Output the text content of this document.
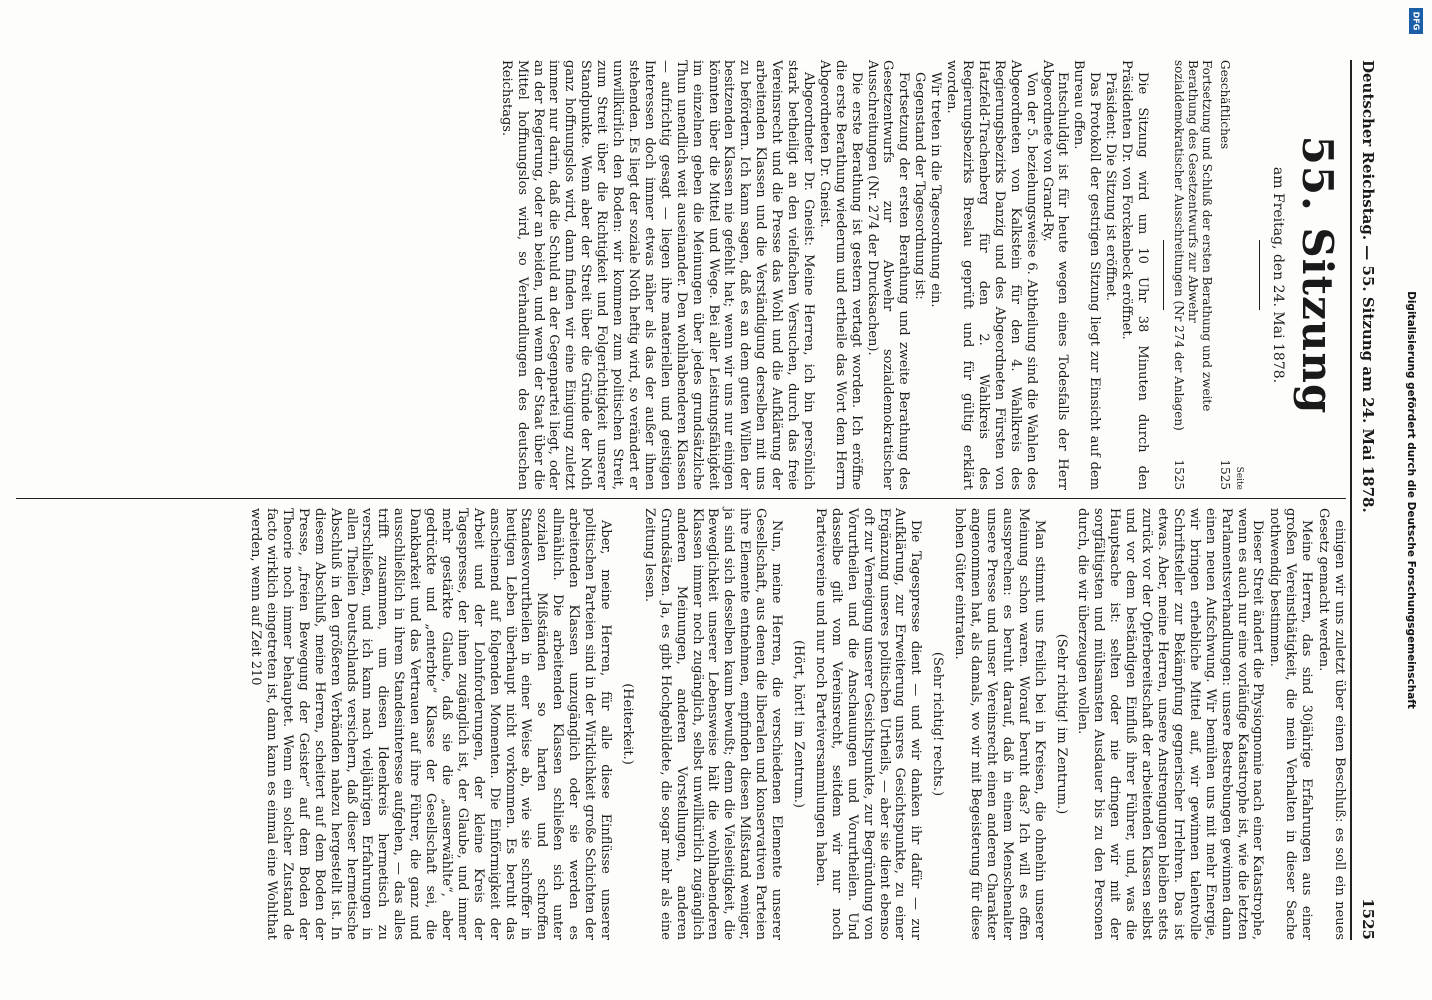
Deutscher Reichstag. — 55. Sitzung am 24. Mai 1878.
1525
55. Sitzung
am Freitag, den 24. Mai 1878.
Seite
Geschäftliches
1525
Fortsetzung und Schluß der ersten Berathung und zweite Berathung des Gesetzentwurfs zur Abwehr sozialdemokratischer Ausschreitungen (Nr 274 der Anlagen)
1525

Die Sitzung wird um 10 Uhr 38 Minuten durch den Präsidenten Dr. von Forckenbeck eröffnet.

Präsident: Die Sitzung ist eröffnet.

Das Protokoll der gestrigen Sitzung liegt zur Einsicht auf dem Bureau offen.

Entschuldigt ist für heute wegen eines Todesfalls der Herr Abgeordnete von Grand-Ry.

Von der 5. beziehungsweise 6. Abtheilung sind die Wahlen des Abgeordneten von Kalkstein für den 4. Wahlkreis des Regierungsbezirks Danzig und des Abgeordneten Fürsten von Hatzfeld-Trachenberg für den 2. Wahlkreis des Regierungsbezirks Breslau geprüft und für gültig erklärt worden.

Wir treten in die Tagesordnung ein.

Gegenstand der Tagesordnung ist:

Fortsetzung der ersten Berathung und zweite Berathung des Gesetzentwurfs zur Abwehr sozialdemokratischer Ausschreitungen (Nr. 274 der Drucksachen).

Die erste Berathung ist gestern vertagt worden. Ich eröffne die erste Berathung wiederum und ertheile das Wort dem Herrn Abgeordneten Dr. Gneist.

Abgeordneter Dr. Gneist: Meine Herren, ich bin persönlich stark betheiligt an den vielfachen Versuchen, durch das freie Vereinsrecht und die Presse das Wohl und die Aufklärung der arbeitenden Klassen und die Verständigung derselben mit uns zu befördern. Ich kann sagen, daß es an dem guten Willen der besitzenden Klassen nie gefehlt hat; wenn wir uns nur einigen könnten über die Mittel und Wege. Bei aller Leistungsfähigkeit im einzelnen geben die Meinungen über jedes grundsätzliche Thun unendlich weit auseinander. Den wohlhabenderen Klassen — aufrichtig gesagt — liegen ihre materiellen und geistigen Interessen doch immer etwas näher als das der außer ihnen stehenden. Es liegt der soziale Noth heftig wird, so verändert er unwillkürlich den Boden: wir kommen zum politischen Streit, zum Streit über die Richtigkeit und Folgerichtigkeit unserer Standpunkte. Wenn aber der Streit über die Gründe der Noth ganz hoffnungslos wird, dann finden wir eine Einigung zuletzt immer nur darin, daß die Schuld an der Gegenpartei liegt, oder an der Regierung, oder an beiden, und wenn der Staat über die Mittel hoffnungslos wird, so Verhandlungen des deutschen Reichstags.

einigen wir uns zuletzt über einen Beschluß: es soll ein neues Gesetz gemacht werden.

Meine Herren, das sind 30jährige Erfahrungen aus einer großen Vereinsthätigkeit, die mein Verhalten in dieser Sache nothwendig bestimmen.

Dieser Streit ändert die Physiognomie nach einer Katastrophe, wenn es auch nur eine vorläufige Katastrophe ist, wie die letzten Parlamentsverhandlungen: unsere Bestrebungen gewinnen dann einen neuen Aufschwung. Wir bemühen uns mit mehr Energie, wir bringen erhebliche Mittel auf, wir gewinnen talentvolle Schriftsteller zur Bekämpfung gegnerischer Irrlehren. Das ist etwas. Aber, meine Herren, unsere Anstrengungen bleiben stets zurück vor der Opferbereitschaft der arbeitenden Klassen selbst und vor dem beständigen Einfluß ihrer Führer, und, was die Hauptsache ist: selten oder nie dringen wir mit der sorgfältigsten und mühsamsten Ausdauer bis zu den Personen durch, die wir überzeugen wollen.

(Sehr richtig! im Zentrum.)

Man stimmt uns freilich bei in Kreisen, die ohnehin unserer Meinung schon waren. Worauf beruht das? Ich will es offen aussprechen: es beruht darauf, daß in einem Menschenalter unsere Presse und unser Vereinsrecht einen anderen Charakter angenommen hat, als damals, wo wir mit Begeisterung für diese hohen Güter eintraten.

(Sehr richtig! rechts.)

Die Tagespresse dient — und wir danken ihr dafür — zur Aufklärung, zur Erweiterung unsres Gesichtspunkte, zu einer Ergänzung unseres politischen Urtheils, — aber sie dient ebenso oft zur Verneigung unserer Gesichtspunkte, zur Begründung von Vorurtheilen und die Anschauungen und Vorurtheilen. Und dasselbe gilt vom Vereinsrecht, seitdem wir nur noch Parteivereine und nur noch Parteiversammlungen haben.

(Hört, hört! im Zentrum.)

Nun, meine Herren, die verschiedenen Elemente unserer Gesellschaft, aus denen die liberalen und konservativen Parteien ihre Elemente entnehmen, empfinden diesen Mißstand weniger, ja sind sich desselben kaum bewußt; denn die Vielseitigkeit, die Beweglichkeit unserer Lebensweise hält die wohlhabenderen Klassen immer noch zugänglich, selbst unwillkürlich zugänglich anderen Meinungen, anderen Vorstellungen, anderen Grundsätzen. Ja, es gibt Hochgebildete, die sogar mehr als eine Zeitung lesen.

(Heiterkeit.)

Aber, meine Herren, für alle diese Einflüsse unserer politischen Parteien sind in der Wirklichkeit große Schichten der arbeitenden Klassen unzugänglich oder sie werden es allmählich. Die arbeitenden Klassen schließen sich unter sozialen Mißständen so harten und schroffen Standesvorurtheilen in einer Weise ab, wie sie schroffer in heutigen Leben überhaupt nicht vorkommen. Es beruht das anscheinend auf folgenden Momenten. Die Einförmigkeit der Arbeit und der Lohnforderungen, der kleine Kreis der Tagespresse, der ihnen zugänglich ist, der Glaube, und immer mehr gestärkte Glaube, daß sie die „auserwählte“, aber gedrückte und „enterbte“ Klasse der Gesellschaft sei, die Dankbarkeit und das Vertrauen auf ihre Führer, die ganz und ausschließlich in ihrem Standesinteresse aufgehen, — das alles trifft zusammen, um diesen Ideenkreis hermetisch zu verschließen, und ich kann nach vieljährigen Erfahrungen in allen Theilen Deutschlands versichern, daß dieser hermetische Abschluß in den größeren Verbänden nahezu hergestellt ist. In diesem Abschluß, meine Herren, scheitert auf dem Boden der Presse, „freien Bewegung der Geister“ auf dem Boden der Theorie noch immer behauptet. Wenn ein solcher Zustand de facto wirklich eingetreten ist, dann kann es einmal eine Wohlthat werden, wenn auf Zeit 210	Digitalisierung gefördert durch die Deutsche Forschungsgemeinschaft
DFG
